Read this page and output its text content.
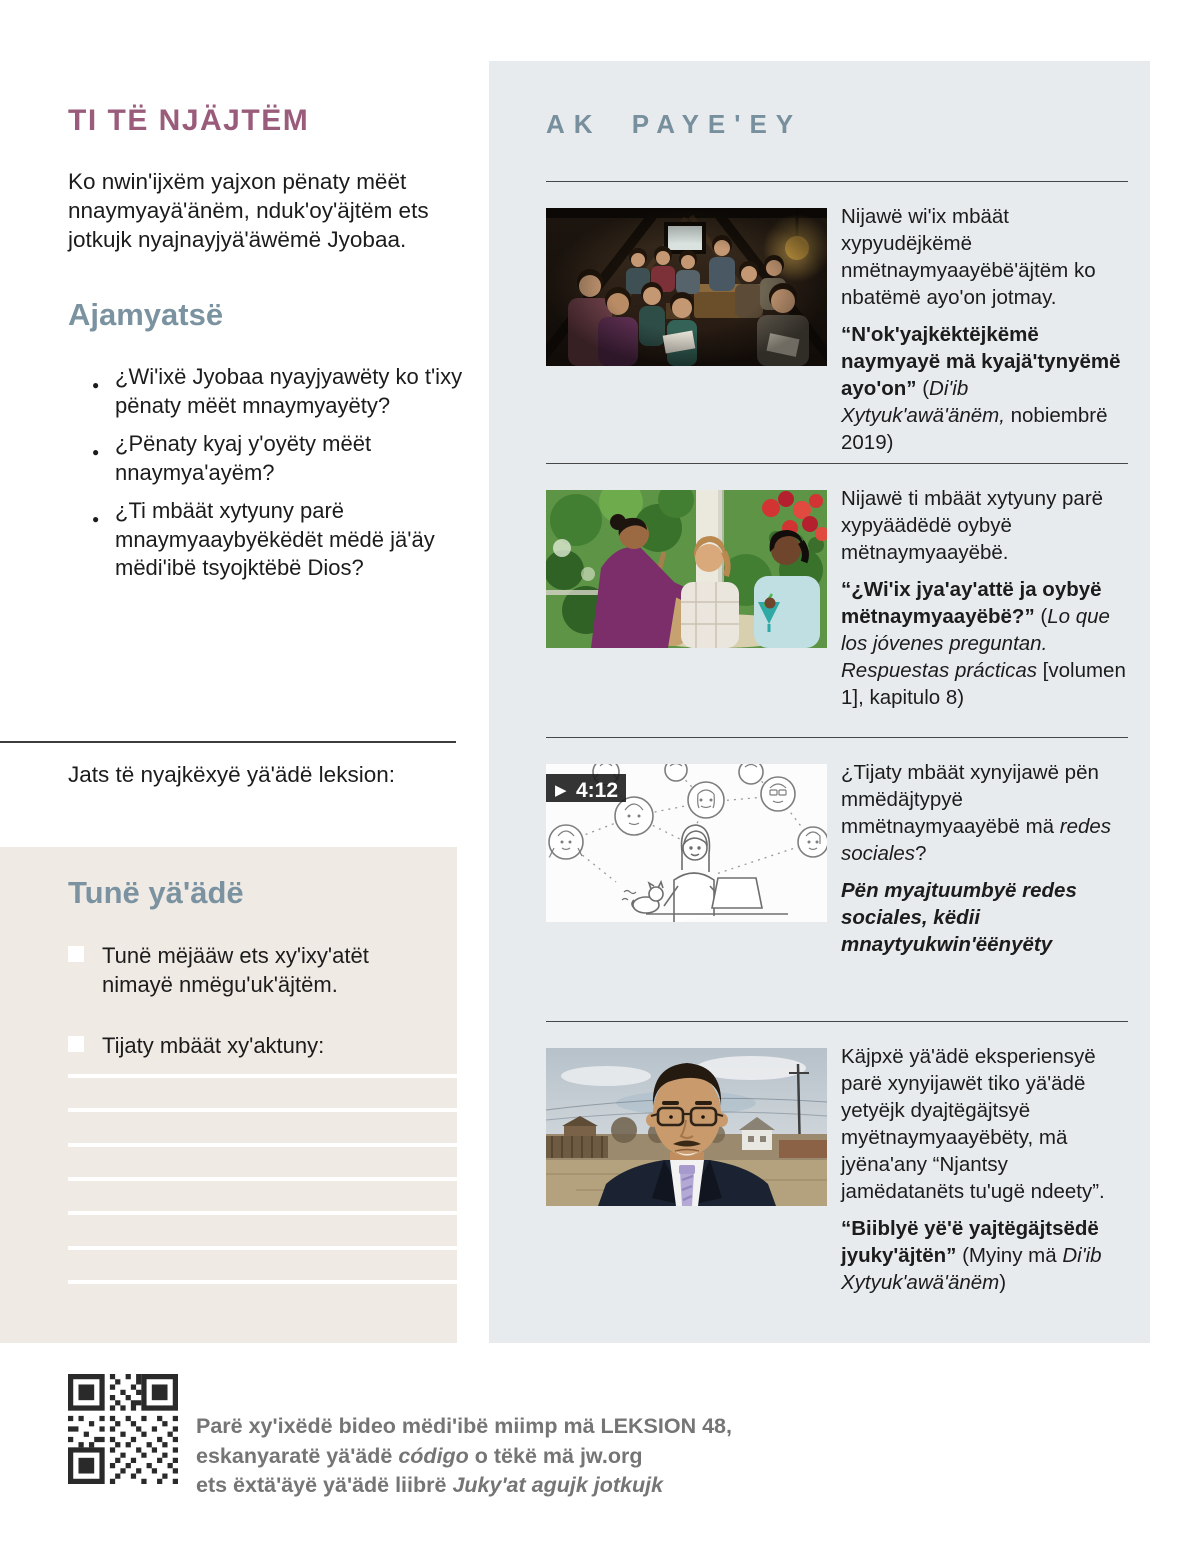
TI TË NJÄJTËM

Ko nwin'ijxëm yajxon pënaty mëët nnaymyayä'änëm, nduk'oy'äjtëm ets jotkujk nyajnayjyä'äwëmë Jyobaa.

Ajamyatsë
● ¿Wi'ixë Jyobaa nyayjyawëty ko t'ixy pënaty mëët mnaymyayëty?
● ¿Pënaty kyaj y'oyëty mëët nnaymya'ayëm?
● ¿Ti mbäät xytyuny parë mnaymyaaybyëkëdët mëdë jä'äy mëdi'ibë tsyojktëbë Dios?

Jats të nyajkëxyë yä'ädë leksion:

Tunë yä'ädë

Tunë mëjääw ets xy'ixy'atët nimayë nmëgu'uk'äjtëm.

Tijaty mbäät xy'aktuny:

AK PAYE'EY

Nijawë wi'ix mbäät xypyudëjkëmë nmëtnaymyaayëbë'äjtëm ko nbatëmë ayo'on jotmay.

“N'ok'yajkëktëjkëmë naymyayë mä kyajä'tynyëmë ayo'on” (Di'ib Xytyuk'awä'änëm, nobiembrë 2019)

Nijawë ti mbäät xytyuny parë xypyäädëdë oybyë mëtnaymyaayëbë.

“¿Wi'ix jya'ay'attë ja oybyë mëtnaymyaayëbë?” (Lo que los jóvenes preguntan. Respuestas prácticas [volumen 1], kapitulo 8)

▶ 4:12

¿Tijaty mbäät xynyijawë pën mmëdäjtypyë mmëtnaymyaayëbë mä redes sociales?

Pën myajtuumbyë redes sociales, këdii mnaytyukwin'ëënyëty

Käjpxë yä'ädë eksperiensyë parë xynyijawët tiko yä'ädë yetyëjk dyajtëgäjtsyë myëtnaymyaayëbëty, mä jyëna'any “Njantsy jamëdatanëts tu'ugë ndeety”.

“Biiblyë yë'ë yajtëgäjtsëdë jyuky'äjtën” (Myiny mä Di'ib Xytyuk'awä'änëm)

Parë xy'ixëdë bideo mëdi'ibë miimp mä LEKSION 48,
eskanyaratë yä'ädë código o tëkë mä jw.org
ets ëxtä'äyë yä'ädë liibrë Juky'at agujk jotkujk
